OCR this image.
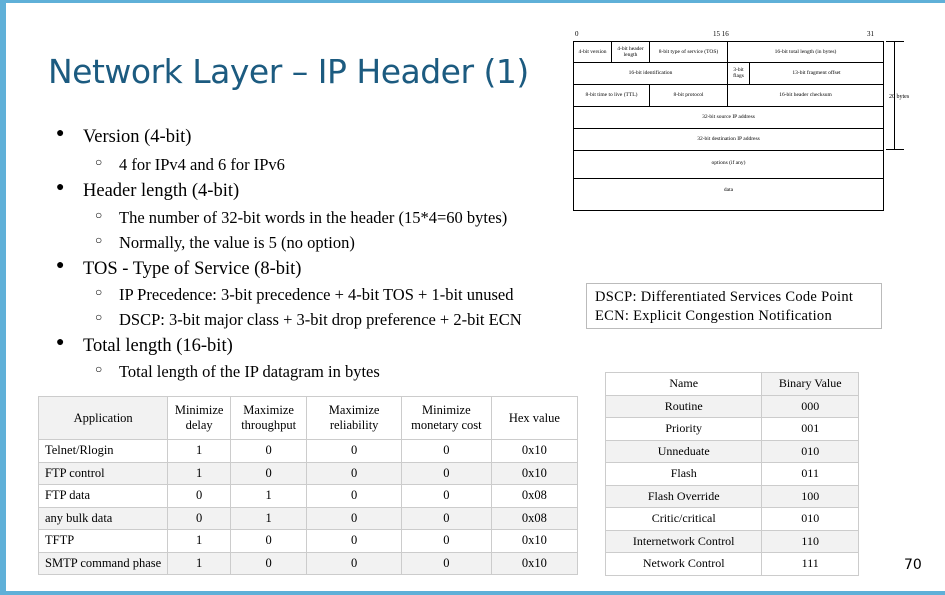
Network Layer – IP Header (1)
● Version (4-bit)
○ 4 for IPv4 and 6 for IPv6
● Header length (4-bit)
○ The number of 32-bit words in the header (15*4=60 bytes)
○ Normally, the value is 5 (no option)
● TOS - Type of Service (8-bit)
○ IP Precedence: 3-bit precedence + 4-bit TOS + 1-bit unused
○ DSCP: 3-bit major class + 3-bit drop preference + 2-bit ECN
● Total length (16-bit)
○ Total length of the IP datagram in bytes
DSCP: Differentiated Services Code Point
ECN: Explicit Congestion Notification
0	15 16	31
4-bit version	4-bit header length	8-bit type of service (TOS)	16-bit total length (in bytes)
16-bit identification	3-bit flags	13-bit fragment offset
8-bit time to live (TTL)	8-bit protocol	16-bit header checksum
32-bit source IP address
32-bit destination IP address
options (if any)
data
20 bytes
Application	Minimize delay	Maximize throughput	Maximize reliability	Minimize monetary cost	Hex value
Telnet/Rlogin	1	0	0	0	0x10
FTP control	1	0	0	0	0x10
FTP data	0	1	0	0	0x08
any bulk data	0	1	0	0	0x08
TFTP	1	0	0	0	0x10
SMTP command phase	1	0	0	0	0x10
Name	Binary Value
Routine	000
Priority	001
Unneduate	010
Flash	011
Flash Override	100
Critic/critical	010
Internetwork Control	110
Network Control	111	70
